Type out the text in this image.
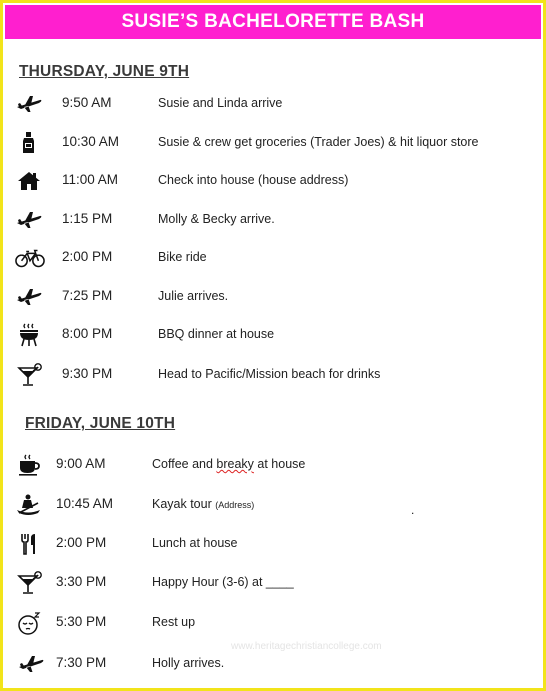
SUSIE’S BACHELORETTE BASH
THURSDAY, JUNE 9TH
9:50 AM	Susie and Linda arrive
10:30 AM	Susie & crew get groceries (Trader Joes) & hit liquor store
11:00 AM	Check into house (house address)
1:15 PM	Molly & Becky arrive.
2:00 PM	Bike ride
7:25 PM	Julie arrives.
8:00 PM	BBQ dinner at house
9:30 PM	Head to Pacific/Mission beach for drinks
FRIDAY, JUNE 10TH
9:00 AM	Coffee and breaky at house
10:45 AM	Kayak tour (Address)
2:00 PM	Lunch at house
3:30 PM	Happy Hour (3-6) at ____
5:30 PM	Rest up
7:30 PM	Holly arrives.
.
www.heritagechristiancollege.com
